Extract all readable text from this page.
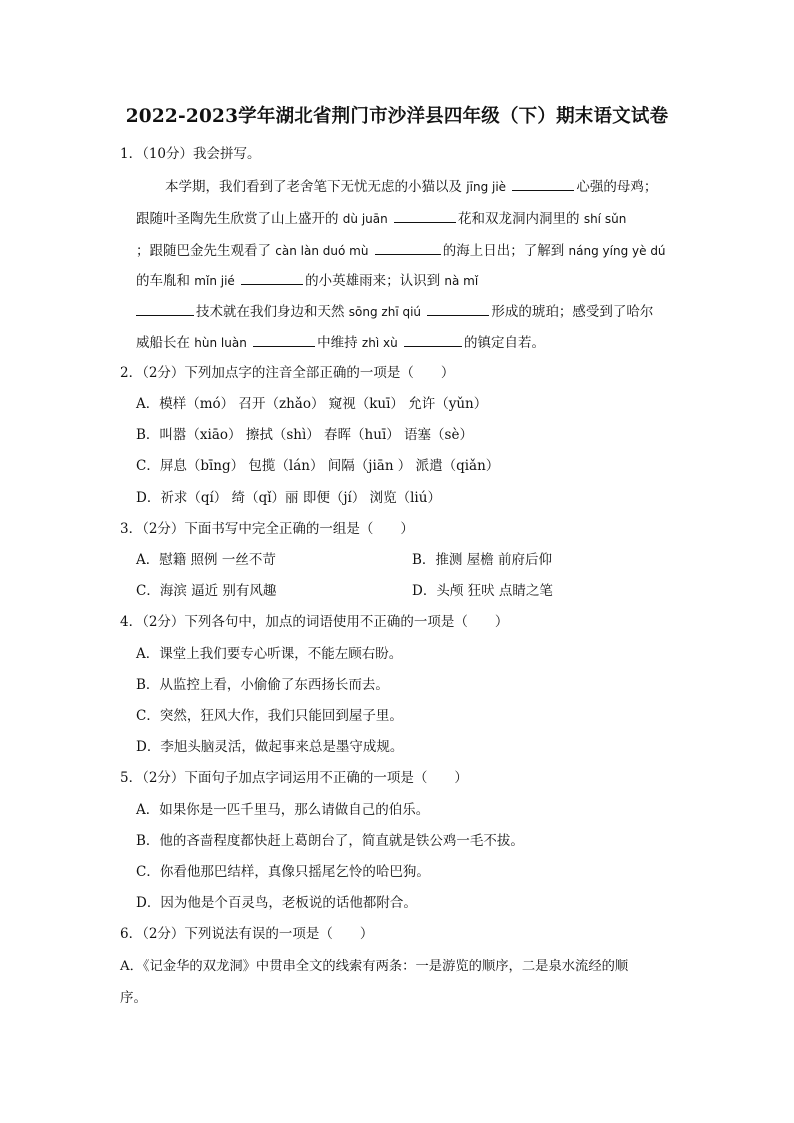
2022-2023学年湖北省荆门市沙洋县四年级（下）期末语文试卷
1．（10分）我会拼写。
本学期，我们看到了老舍笔下无忧无虑的小猫以及 jīng jiè	心强的母鸡；
跟随叶圣陶先生欣赏了山上盛开的 dù juān	花和双龙洞内洞里的 shí sǔn
；跟随巴金先生观看了 càn làn duó mù	的海上日出；了解到 náng yíng yè dú
的车胤和 mǐn jié	的小英雄雨来；认识到 nà mǐ
技术就在我们身边和天然 sōng zhī qiú	形成的琥珀；感受到了哈尔
威船长在 hùn luàn	中维持 zhì xù	的镇定自若。
2．（2分）下列加点字的注音全部正确的一项是（　　）
A．模样（mó） 召开（zhǎo） 窥视（kuī） 允许（yǔn）
B．叫嚣（xiāo） 擦拭（shì） 春晖（huī） 语塞（sè）
C．屏息（bīng） 包揽（lán） 间隔（jiān ） 派遣（qiǎn）
D．祈求（qí） 绮（qǐ）丽 即便（jí） 浏览（liú）
3．（2分）下面书写中完全正确的一组是（　　）
A．慰籍 照例 一丝不苛	B．推测 屋檐 前府后仰
C．海滨 逼近 别有风趣	D．头颅 狂吠 点睛之笔
4．（2分）下列各句中，加点的词语使用不正确的一项是（　　）
A．课堂上我们要专心听课，不能左顾右盼。
B．从监控上看，小偷偷了东西扬长而去。
C．突然，狂风大作，我们只能回到屋子里。
D．李旭头脑灵活，做起事来总是墨守成规。
5．（2分）下面句子加点字词运用不正确的一项是（　　）
A．如果你是一匹千里马，那么请做自己的伯乐。
B．他的吝啬程度都快赶上葛朗台了，简直就是铁公鸡一毛不拔。
C．你看他那巴结样，真像只摇尾乞怜的哈巴狗。
D．因为他是个百灵鸟，老板说的话他都附合。
6．（2分）下列说法有误的一项是（　　）
A．《记金华的双龙洞》中贯串全文的线索有两条：一是游览的顺序，二是泉水流经的顺
序。
